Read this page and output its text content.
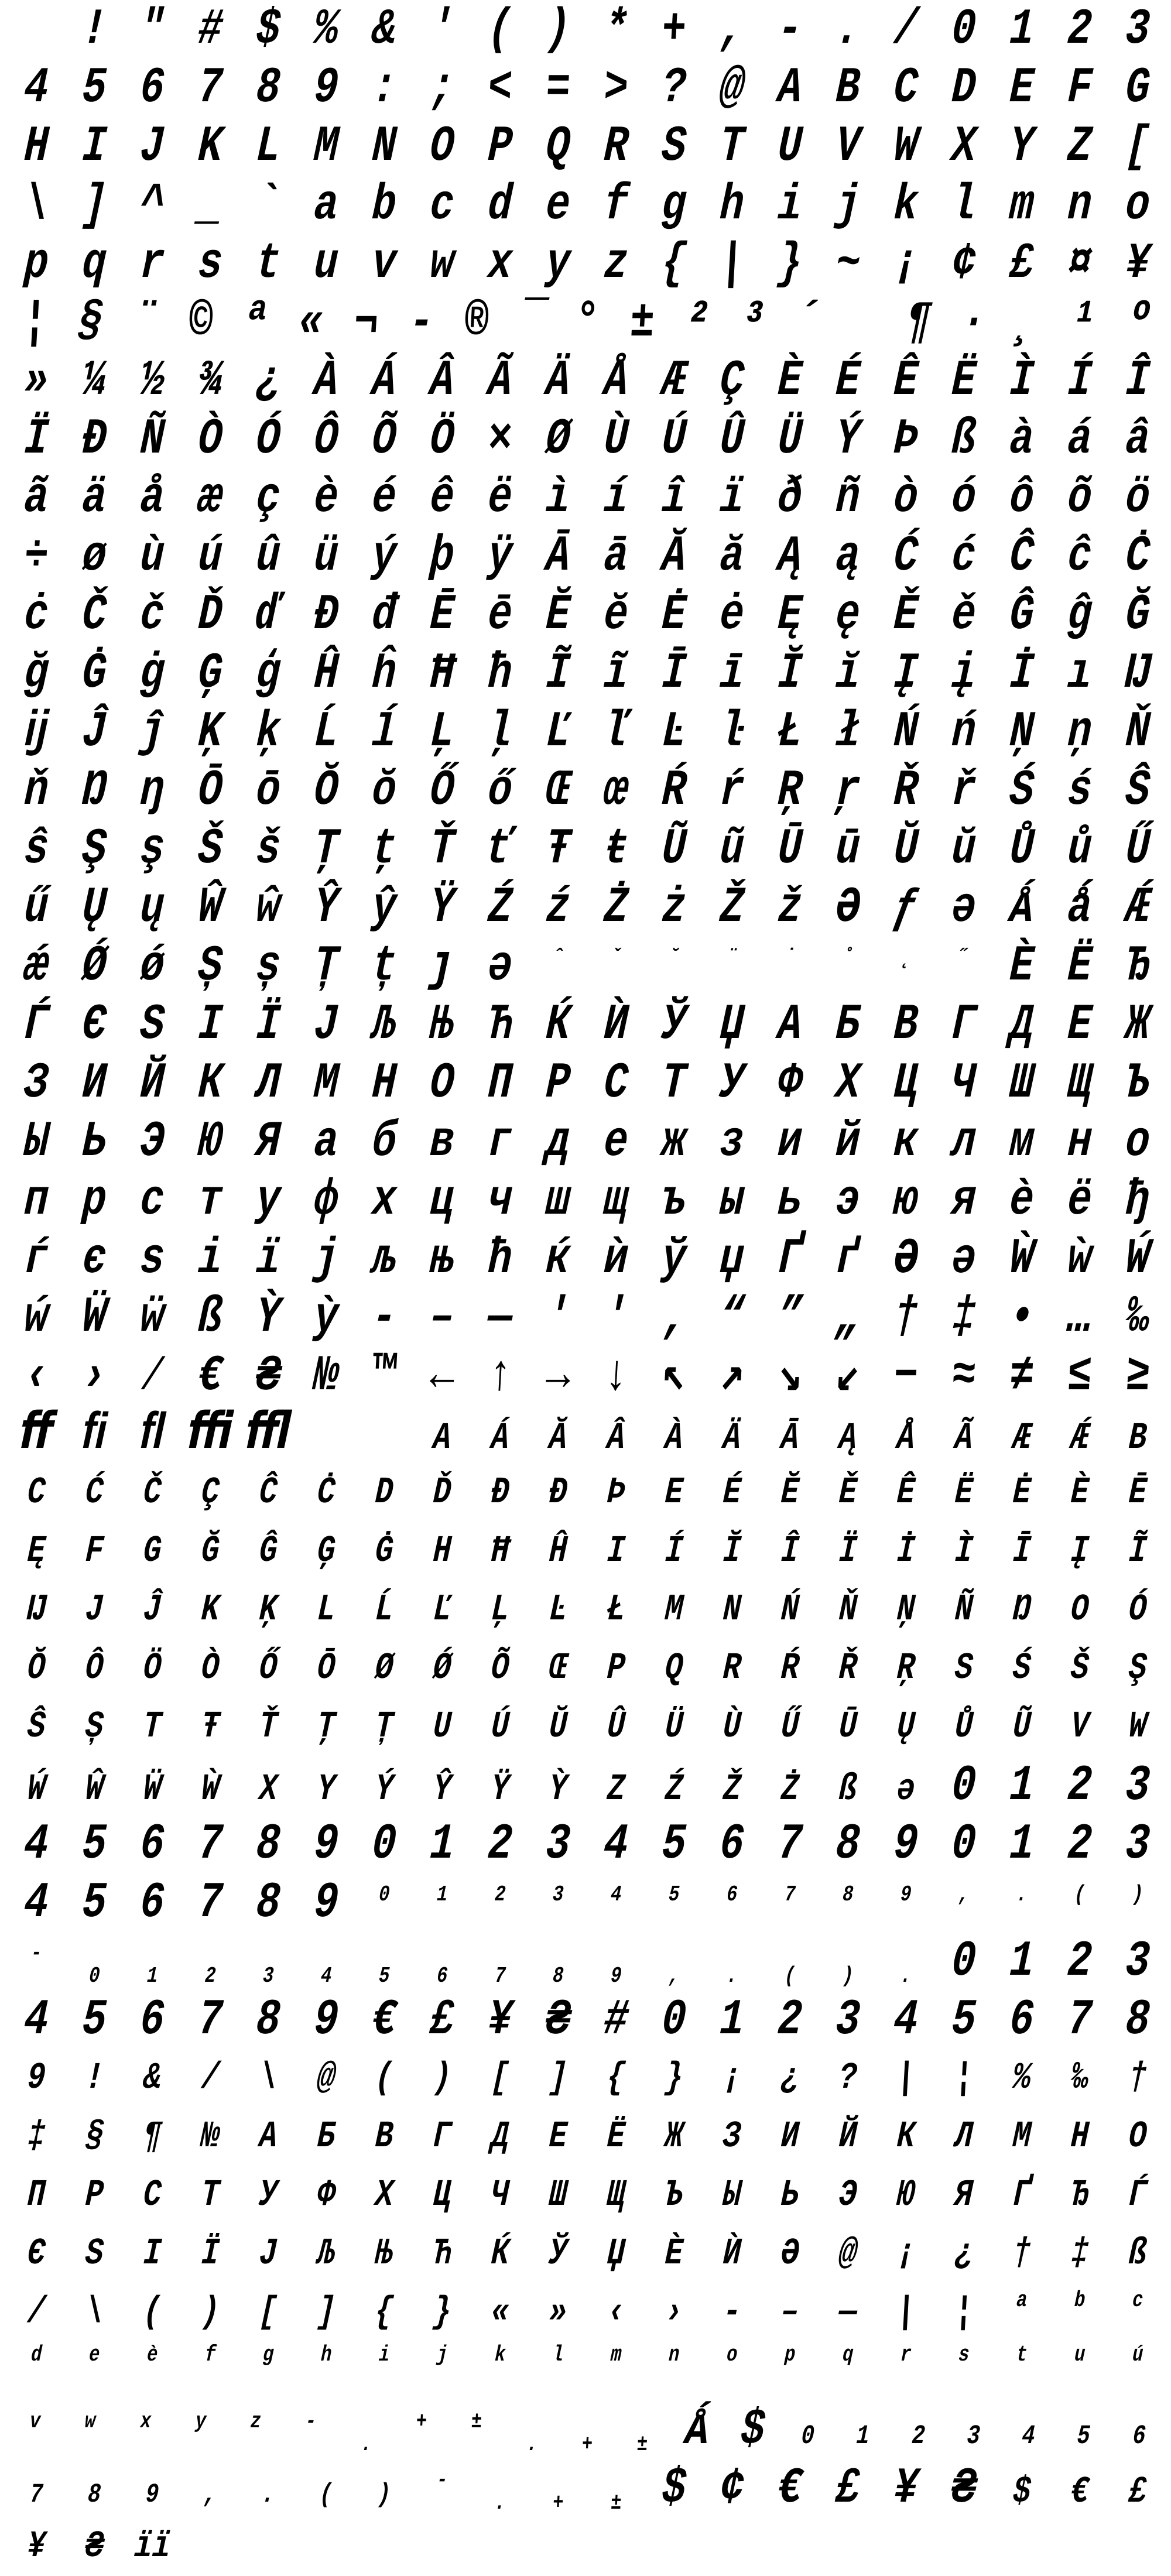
! " # $ % & ' ( ) * + , - . / 0 1 2 3
4 5 6 7 8 9 : ; < = > ? @ A B C D E F G
H I J K L M N O P Q R S T U V W X Y Z [
\ ] ^ _ ` a b c d e f g h i j k l m n o
p q r s t u v w x y z { | } ~ ¡ ¢ £ ¤ ¥
¦ § ¨ © ª « ¬ - ® ¯ ° ± ² ³ ´ ¶ · ¸ ¹ º
» ¼ ½ ¾ ¿ À Á Â Ã Ä Å Æ Ç È É Ê Ë Ì Í Î
Ï Ð Ñ Ò Ó Ô Õ Ö × Ø Ù Ú Û Ü Ý Þ ß à á â
ã ä å æ ç è é ê ë ì í î ï ð ñ ò ó ô õ ö
÷ ø ù ú û ü ý þ ÿ Ā ā Ă ă Ą ą Ć ć Ĉ ĉ Ċ
ċ Č č Ď ď Đ đ Ē ē Ĕ ĕ Ė ė Ę ę Ě ě Ĝ ĝ Ğ
ğ Ġ ġ Ģ ģ Ĥ ĥ Ħ ħ Ĩ ĩ Ī ī Ĭ ĭ Į į İ ı Ĳ
ĳ Ĵ ĵ Ķ ķ Ĺ ĺ Ļ ļ Ľ ľ Ŀ ŀ Ł ł Ń ń Ņ ņ Ň
ň Ŋ ŋ Ō ō Ŏ ŏ Ő ő Œ œ Ŕ ŕ Ŗ ŗ Ř ř Ś ś Ŝ
ŝ Ş ş Š š Ţ ţ Ť ť Ŧ ŧ Ũ ũ Ū ū Ŭ ŭ Ů ů Ű
ű Ų ų Ŵ ŵ Ŷ ŷ Ÿ Ź ź Ż ż Ž ž Ə ƒ ə Ǻ ǻ Ǽ
ǽ Ǿ ǿ Ș ș Ț ț ȷ ə	ˆ	ˇ	˘	¨	˙	˚	˛	˝ Ѐ Ё Ђ
Ѓ Є Ѕ І Ї Ј Љ Њ Ћ Ќ Ѝ Ў Џ А Б В Г Д Е Ж
З И Й К Л М Н О П Р С Т У Ф Х Ц Ч Ш Щ Ъ
Ы Ь Э Ю Я а б в г д е ж з и й к л м н о
п р с т у ф х ц ч ш щ ъ ы ь э ю я ѐ ё ђ
ѓ є ѕ і ї ј љ њ ћ ќ ѝ ў џ Ґ ґ Ә ә Ẁ ẁ Ẃ
ẃ Ẅ ẅ ß Ỳ ỳ ‐ – — ' ' ‚ “ ” „ † ‡ • … ‰
‹ › ⁄ € ₴ № ™ ← ↑ → ↓ ↖ ↗ ↘ ↙ − ≈ ≠ ≤ ≥
ﬀ ﬁ ﬂ ﬃ ﬄ	A	Á	Ă	Â	À	Ä	Ā	Ą	Å	Ã	Æ	Ǽ	B
C	Ć	Č	Ç	Ĉ	Ċ	D	Ď	Đ	Ð	Þ	E	É	Ĕ	Ě	Ê	Ë	Ė	È	Ē
Ę	F	G	Ğ	Ĝ	Ģ	Ġ	H	Ħ	Ĥ	I	Í	Ĭ	Î	Ï	İ	Ì	Ī	Į	Ĩ
Ĳ	J	Ĵ	K	Ķ	L	Ĺ	Ľ	Ļ	Ŀ	Ł	M	N	Ń	Ň	Ņ	Ñ	Ŋ	O	Ó
Ŏ	Ô	Ö	Ò	Ő	Ō	Ø	Ǿ	Õ	Œ	P	Q	R	Ŕ	Ř	Ŗ	S	Ś	Š	Ş
Ŝ	Ș	T	Ŧ	Ť	Ţ	Ț	U	Ú	Ŭ	Û	Ü	Ù	Ű	Ū	Ų	Ů	Ũ	V	W
Ẃ	Ŵ	Ẅ	Ẁ	X	Y	Ý	Ŷ	Ÿ	Ỳ	Z	Ź	Ž	Ż	ß	ə 0 1 2 3
4 5 6 7 8 9 0 1 2 3 4 5 6 7 8 9 0 1 2 3
4 5 6 7 8 9	0	1	2	3	4	5	6	7	8	9	,	.	(	)
-
0	1	2	3	4	5	6	7	8	9	,	.	(	)	. 0 1 2 3
4 5 6 7 8 9 € £ ¥ ₴ # 0 1 2 3 4 5 6 7 8
9	!	&	/	\	@	(	)	[	]	{	}	¡	¿	?	|	¦	%	‰	†
‡	§	¶	№	А	Б	В	Г	Д	Е	Ё	Ж	З	И	Й	К	Л	М	Н	О
П	Р	С	Т	У	Ф	Х	Ц	Ч	Ш	Щ	Ъ	Ы	Ь	Э	Ю	Я	Ґ	Ђ	Ѓ
Є	Ѕ	І	Ї	Ј	Љ	Њ	Ћ	Ќ	Ў	Џ	Ѐ	Ѝ	Ә	@	¡	¿	†	‡	ß
/	\	(	)	[	]	{	}	«	»	‹	›	‐	–	—	|	¦	a	b	c
d	e	è	f	g	h	i	j	k	l	m	n	o	p	q	r	s	t	u	ú
v	w	x	y	z	-
.
+	±
.	+	± Ǻ $	0	1	2	3	4	5	6
7	8	9	,	.	(	)	-
.	+	± $ ¢ € £ ¥ ₴ $	€	£
¥	₴ ïï
